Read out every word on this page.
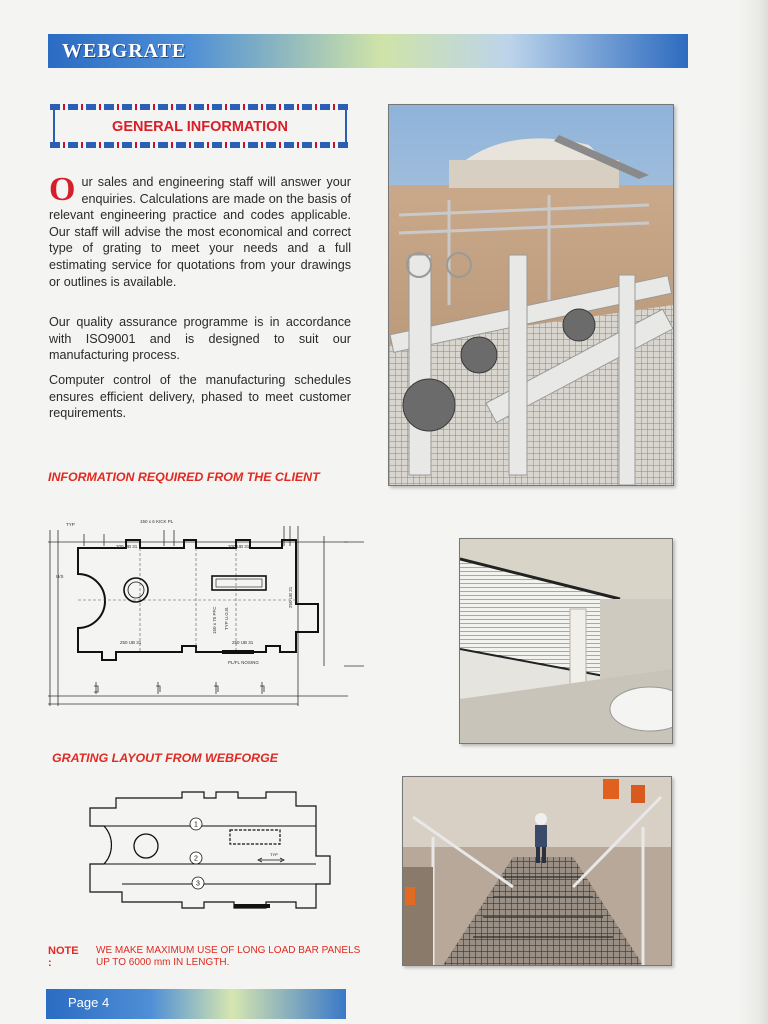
WEBGRATE
GENERAL INFORMATION

Our sales and engineering staff will answer your enquiries. Calculations are made on the basis of relevant engineering practice and codes applicable. Our staff will advise the most economical and correct type of grating to meet your needs and a full estimating service for quotations from your drawings or outlines is available.

Our quality assurance programme is in accordance with ISO9001 and is designed to suit our manufacturing process.

Computer control of the manufacturing schedules ensures efficient delivery, phased to meet customer requirements.

INFORMATION REQUIRED FROM THE CLIENT
GRATING LAYOUT FROM WEBFORGE
TYP
150 x 6 KICK PL
200 UB 31	200 UB 31
250 UB 31	250 UB 31
PL/FL NOSING
U/S
150 x 75 PFC TYP U.G.B.
250 UB 31
1
2
3
TYP
NOTE :
WE MAKE MAXIMUM USE OF LONG LOAD BAR PANELS
UP TO 6000 mm IN LENGTH.
Page 4
